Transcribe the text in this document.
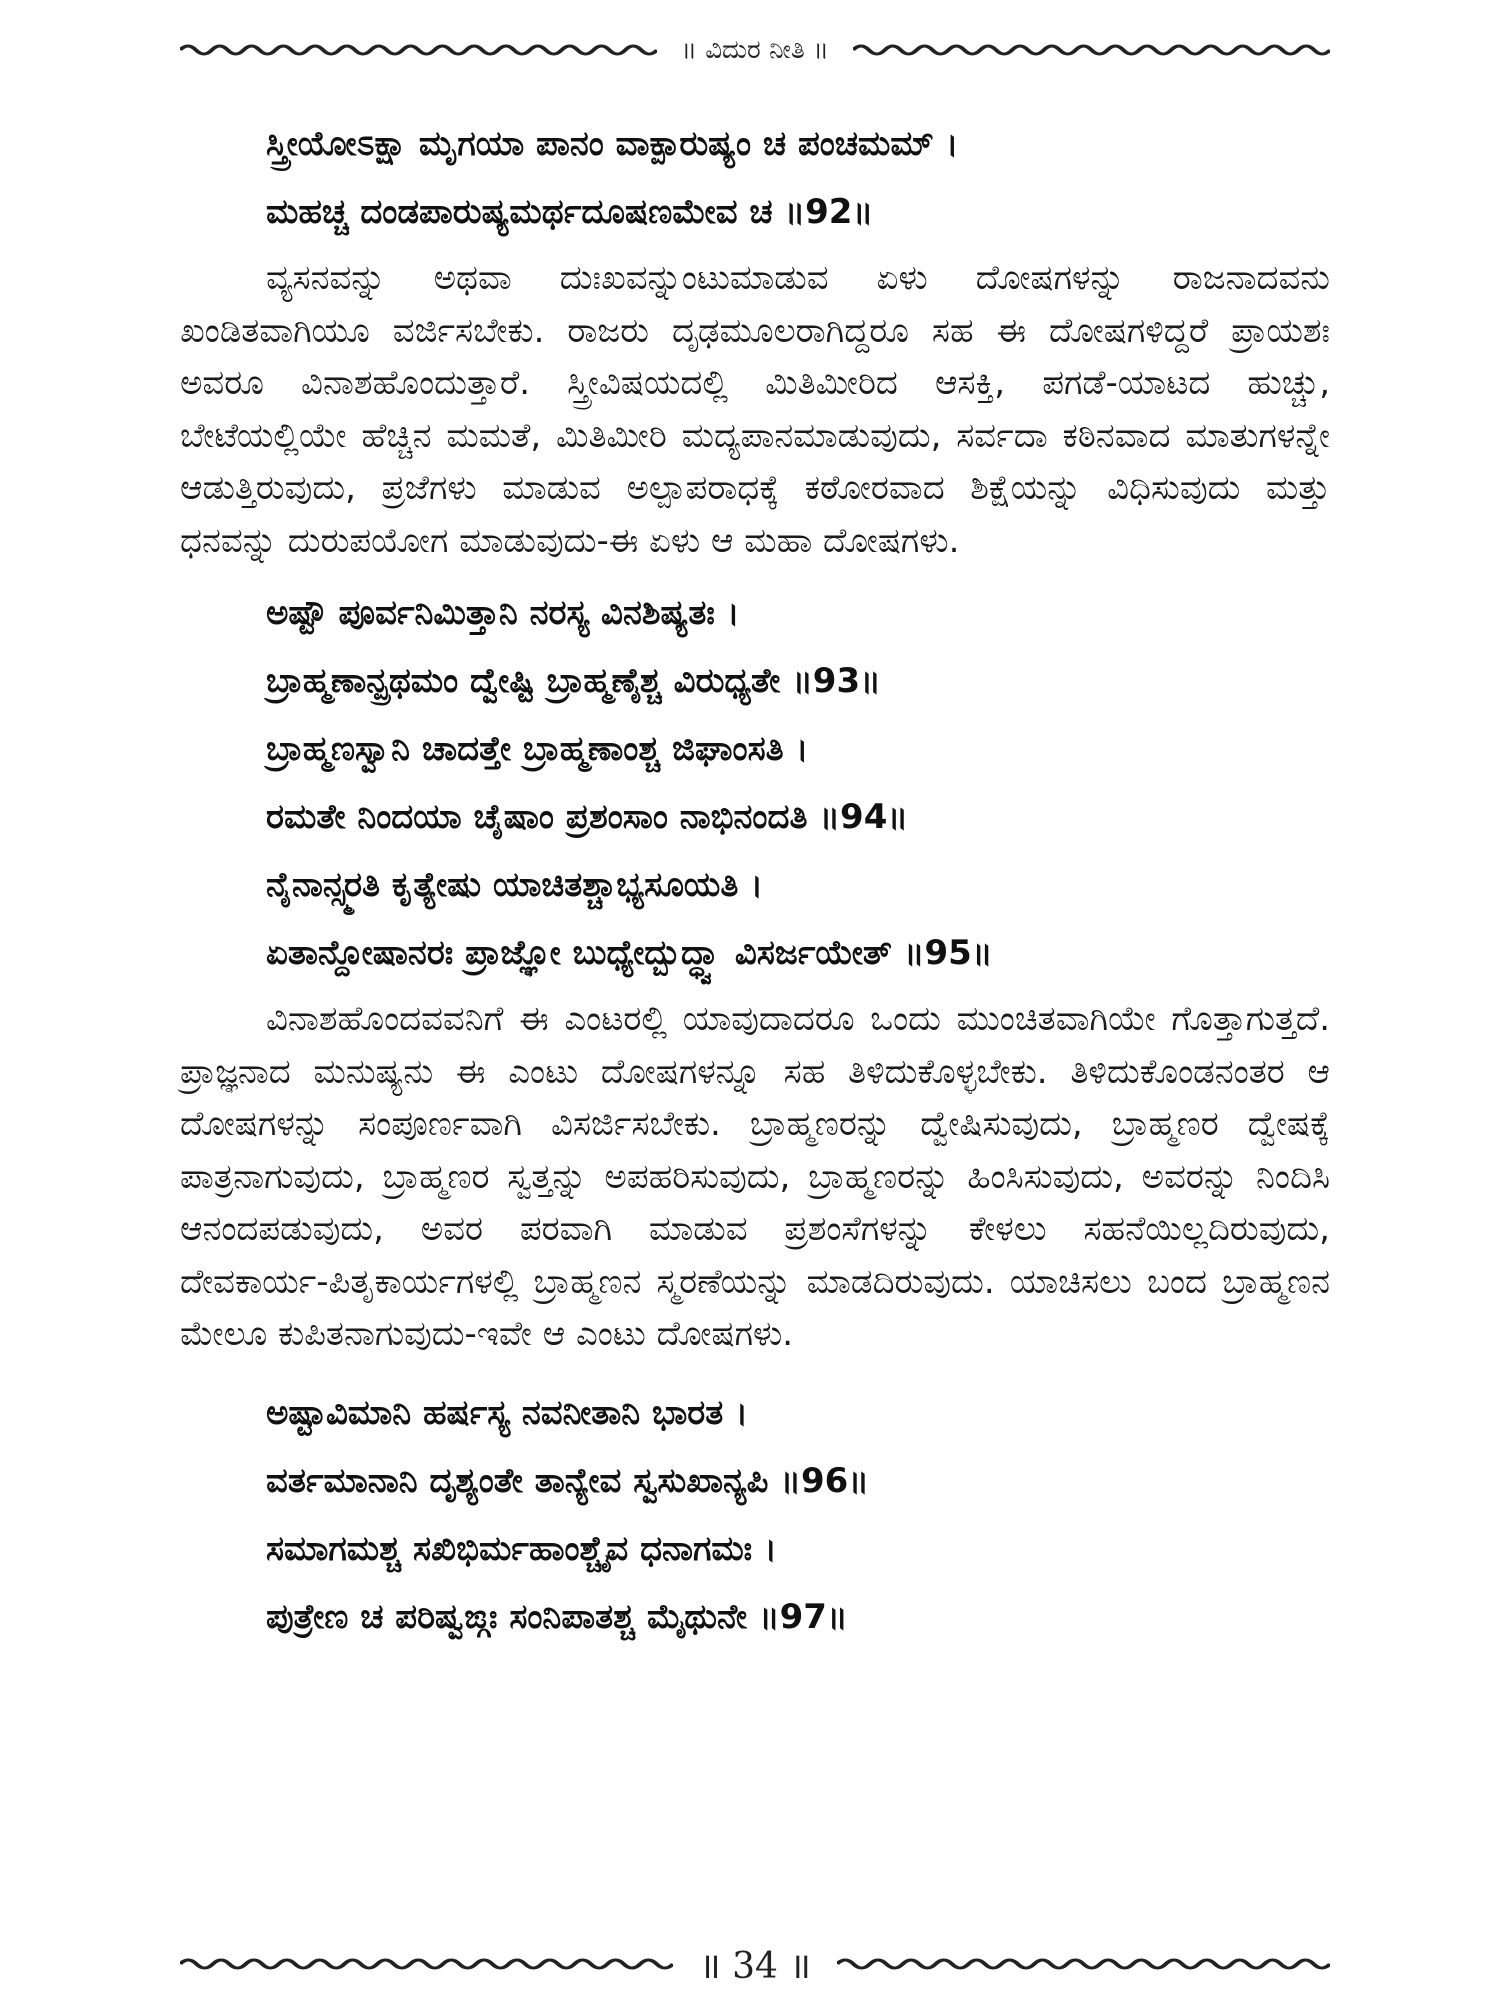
॥ ವಿದುರ ನೀತಿ ॥
ಸ್ತ್ರೀಯೋಽಕ್ಷಾ ಮೃಗಯಾ ಪಾನಂ ವಾಕ್ಪಾರುಷ್ಯಂ ಚ ಪಂಚಮಮ್ ।
ಮಹಚ್ಚ ದಂಡಪಾರುಷ್ಯಮರ್ಥದೂಷಣಮೇವ ಚ ॥92॥

ವ್ಯಸನವನ್ನು ಅಥವಾ ದುಃಖವನ್ನುಂಟುಮಾಡುವ ಏಳು ದೋಷಗಳನ್ನು ರಾಜನಾದವನು ಖಂಡಿತವಾಗಿಯೂ ವರ್ಜಿಸಬೇಕು. ರಾಜರು ದೃಢಮೂಲರಾಗಿದ್ದರೂ ಸಹ ಈ ದೋಷಗಳಿದ್ದರೆ ಪ್ರಾಯಶಃ ಅವರೂ ವಿನಾಶಹೊಂದುತ್ತಾರೆ. ಸ್ತ್ರೀವಿಷಯದಲ್ಲಿ ಮಿತಿಮೀರಿದ ಆಸಕ್ತಿ, ಪಗಡೆ-ಯಾಟದ ಹುಚ್ಚು, ಬೇಟೆಯಲ್ಲಿಯೇ ಹೆಚ್ಚಿನ ಮಮತೆ, ಮಿತಿಮೀರಿ ಮದ್ಯಪಾನಮಾಡುವುದು, ಸರ್ವದಾ ಕಠಿನವಾದ ಮಾತುಗಳನ್ನೇ ಆಡುತ್ತಿರುವುದು, ಪ್ರಜೆಗಳು ಮಾಡುವ ಅಲ್ಪಾಪರಾಧಕ್ಕೆ ಕಠೋರವಾದ ಶಿಕ್ಷೆಯನ್ನು ವಿಧಿಸುವುದು ಮತ್ತು ಧನವನ್ನು ದುರುಪಯೋಗ ಮಾಡುವುದು-ಈ ಏಳು ಆ ಮಹಾ ದೋಷಗಳು.

ಅಷ್ಟೌ ಪೂರ್ವನಿಮಿತ್ತಾನಿ ನರಸ್ಯ ವಿನಶಿಷ್ಯತಃ ।
ಬ್ರಾಹ್ಮಣಾನ್ಪ್ರಥಮಂ ದ್ವೇಷ್ಟಿ ಬ್ರಾಹ್ಮಣೈಶ್ಚ ವಿರುಧ್ಯತೇ ॥93॥
ಬ್ರಾಹ್ಮಣಸ್ವಾನಿ ಚಾದತ್ತೇ ಬ್ರಾಹ್ಮಣಾಂಶ್ಚ ಜಿಘಾಂಸತಿ ।
ರಮತೇ ನಿಂದಯಾ ಚೈಷಾಂ ಪ್ರಶಂಸಾಂ ನಾಭಿನಂದತಿ ॥94॥
ನೈನಾನ್ಸ್ಮರತಿ ಕೃತ್ಯೇಷು ಯಾಚಿತಶ್ಚಾಭ್ಯಸೂಯತಿ ।
ಏತಾನ್ದೋಷಾನರಃ ಪ್ರಾಜ್ಞೋ ಬುಧ್ಯೇದ್ಬುದ್ಧ್ವಾ ವಿಸರ್ಜಯೇತ್ ॥95॥

ವಿನಾಶಹೊಂದವವನಿಗೆ ಈ ಎಂಟರಲ್ಲಿ ಯಾವುದಾದರೂ ಒಂದು ಮುಂಚಿತವಾಗಿಯೇ ಗೊತ್ತಾಗುತ್ತದೆ. ಪ್ರಾಜ್ಞನಾದ ಮನುಷ್ಯನು ಈ ಎಂಟು ದೋಷಗಳನ್ನೂ ಸಹ ತಿಳಿದುಕೊಳ್ಳಬೇಕು. ತಿಳಿದುಕೊಂಡನಂತರ ಆ ದೋಷಗಳನ್ನು ಸಂಪೂರ್ಣವಾಗಿ ವಿಸರ್ಜಿಸಬೇಕು. ಬ್ರಾಹ್ಮಣರನ್ನು ದ್ವೇಷಿಸುವುದು, ಬ್ರಾಹ್ಮಣರ ದ್ವೇಷಕ್ಕೆ ಪಾತ್ರನಾಗುವುದು, ಬ್ರಾಹ್ಮಣರ ಸ್ವತ್ತನ್ನು ಅಪಹರಿಸುವುದು, ಬ್ರಾಹ್ಮಣರನ್ನು ಹಿಂಸಿಸುವುದು, ಅವರನ್ನು ನಿಂದಿಸಿ ಆನಂದಪಡುವುದು, ಅವರ ಪರವಾಗಿ ಮಾಡುವ ಪ್ರಶಂಸೆಗಳನ್ನು ಕೇಳಲು ಸಹನೆಯಿಲ್ಲದಿರುವುದು, ದೇವಕಾರ್ಯ-ಪಿತೃಕಾರ್ಯಗಳಲ್ಲಿ ಬ್ರಾಹ್ಮಣನ ಸ್ಮರಣೆಯನ್ನು ಮಾಡದಿರುವುದು. ಯಾಚಿಸಲು ಬಂದ ಬ್ರಾಹ್ಮಣನ ಮೇಲೂ ಕುಪಿತನಾಗುವುದು-ಇವೇ ಆ ಎಂಟು ದೋಷಗಳು.

ಅಷ್ಟಾವಿಮಾನಿ ಹರ್ಷಸ್ಯ ನವನೀತಾನಿ ಭಾರತ ।
ವರ್ತಮಾನಾನಿ ದೃಶ್ಯಂತೇ ತಾನ್ಯೇವ ಸ್ವಸುಖಾನ್ಯಪಿ ॥96॥
ಸಮಾಗಮಶ್ಚ ಸಖಿಭಿರ್ಮಹಾಂಶ್ಚೈವ ಧನಾಗಮಃ ।
ಪುತ್ರೇಣ ಚ ಪರಿಷ್ವಙ್ಗಃ ಸಂನಿಪಾತಶ್ಚ ಮೈಥುನೇ ॥97॥
॥ 34 ॥
